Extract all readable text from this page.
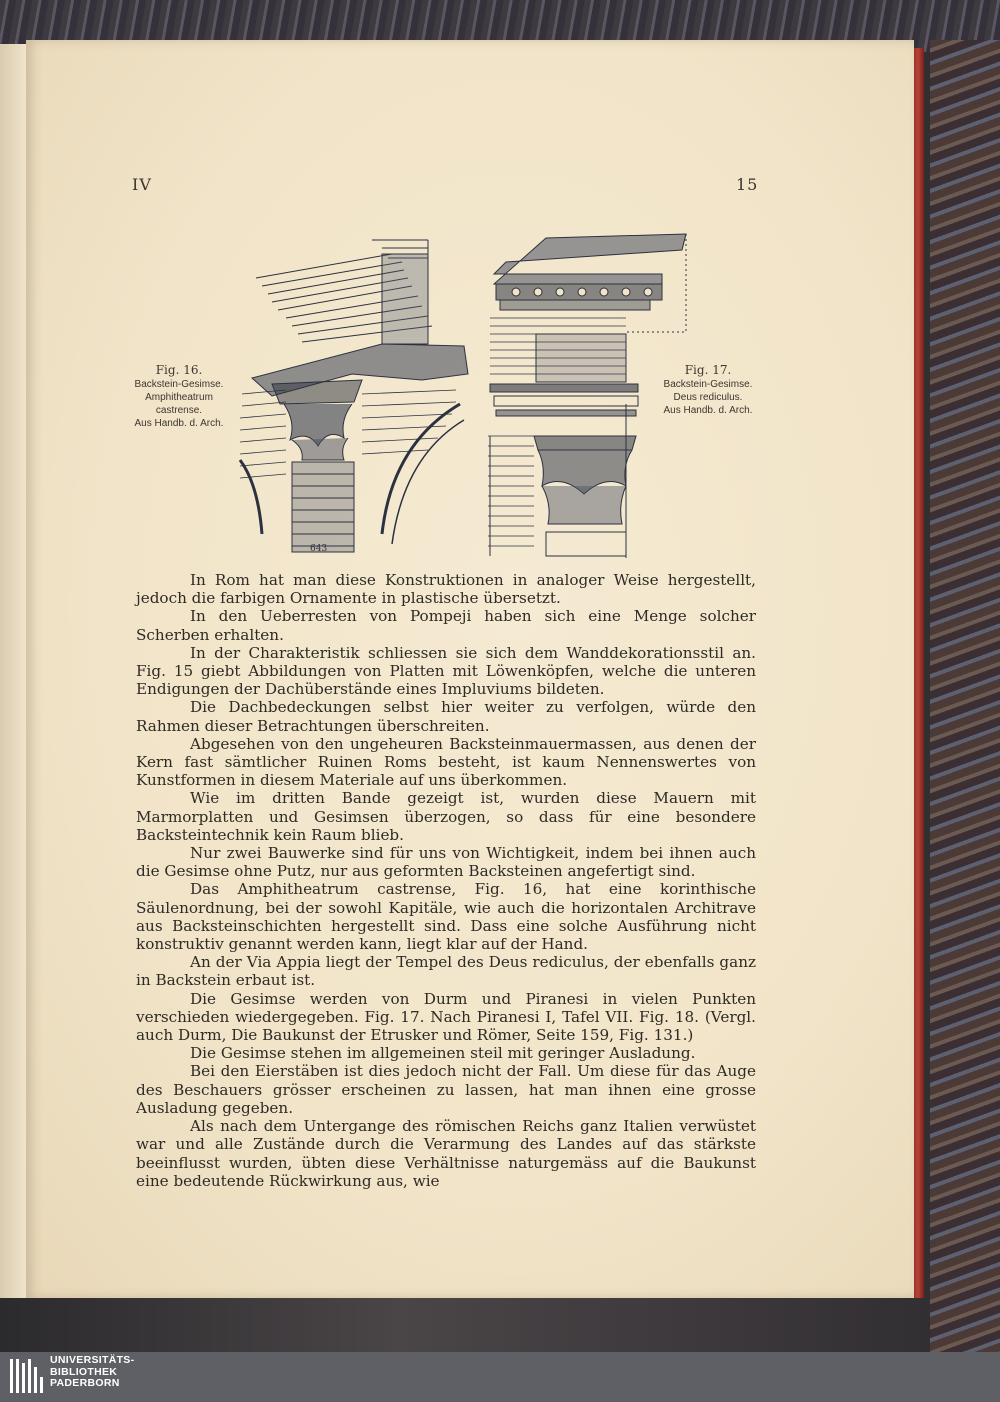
IV	15
Fig. 16.
Backstein-Gesimse.
Amphitheatrum
castrense.
Aus Handb. d. Arch.
643
Fig. 17.
Backstein-Gesimse.
Deus rediculus.
Aus Handb. d. Arch.

In Rom hat man diese Konstruktionen in analoger Weise hergestellt, jedoch die farbigen Ornamente in plastische übersetzt.

In den Ueberresten von Pompeji haben sich eine Menge solcher Scherben erhalten.

In der Charakteristik schliessen sie sich dem Wanddekorationsstil an. Fig. 15 giebt Abbildungen von Platten mit Löwenköpfen, welche die unteren Endigungen der Dachüberstände eines Impluviums bildeten.

Die Dachbedeckungen selbst hier weiter zu verfolgen, würde den Rahmen dieser Betrachtungen überschreiten.

Abgesehen von den ungeheuren Backsteinmauermassen, aus denen der Kern fast sämtlicher Ruinen Roms besteht, ist kaum Nennenswertes von Kunstformen in diesem Materiale auf uns überkommen.

Wie im dritten Bande gezeigt ist, wurden diese Mauern mit Marmorplatten und Gesimsen überzogen, so dass für eine besondere Backsteintechnik kein Raum blieb.

Nur zwei Bauwerke sind für uns von Wichtigkeit, indem bei ihnen auch die Gesimse ohne Putz, nur aus geformten Backsteinen angefertigt sind.

Das Amphitheatrum castrense, Fig. 16, hat eine korinthische Säulenordnung, bei der sowohl Kapitäle, wie auch die horizontalen Architrave aus Backsteinschichten hergestellt sind. Dass eine solche Ausführung nicht konstruktiv genannt werden kann, liegt klar auf der Hand.

An der Via Appia liegt der Tempel des Deus rediculus, der ebenfalls ganz in Backstein erbaut ist.

Die Gesimse werden von Durm und Piranesi in vielen Punkten verschieden wiedergegeben. Fig. 17. Nach Piranesi I, Tafel VII. Fig. 18. (Vergl. auch Durm, Die Baukunst der Etrusker und Römer, Seite 159, Fig. 131.)

Die Gesimse stehen im allgemeinen steil mit geringer Ausladung.

Bei den Eierstäben ist dies jedoch nicht der Fall. Um diese für das Auge des Beschauers grösser erscheinen zu lassen, hat man ihnen eine grosse Ausladung gegeben.

Als nach dem Untergange des römischen Reichs ganz Italien verwüstet war und alle Zustände durch die Verarmung des Landes auf das stärkste beeinflusst wurden, übten diese Verhältnisse naturgemäss auf die Baukunst eine bedeutende Rückwirkung aus, wie

UNIVERSITÄTS-
BIBLIOTHEK
PADERBORN
